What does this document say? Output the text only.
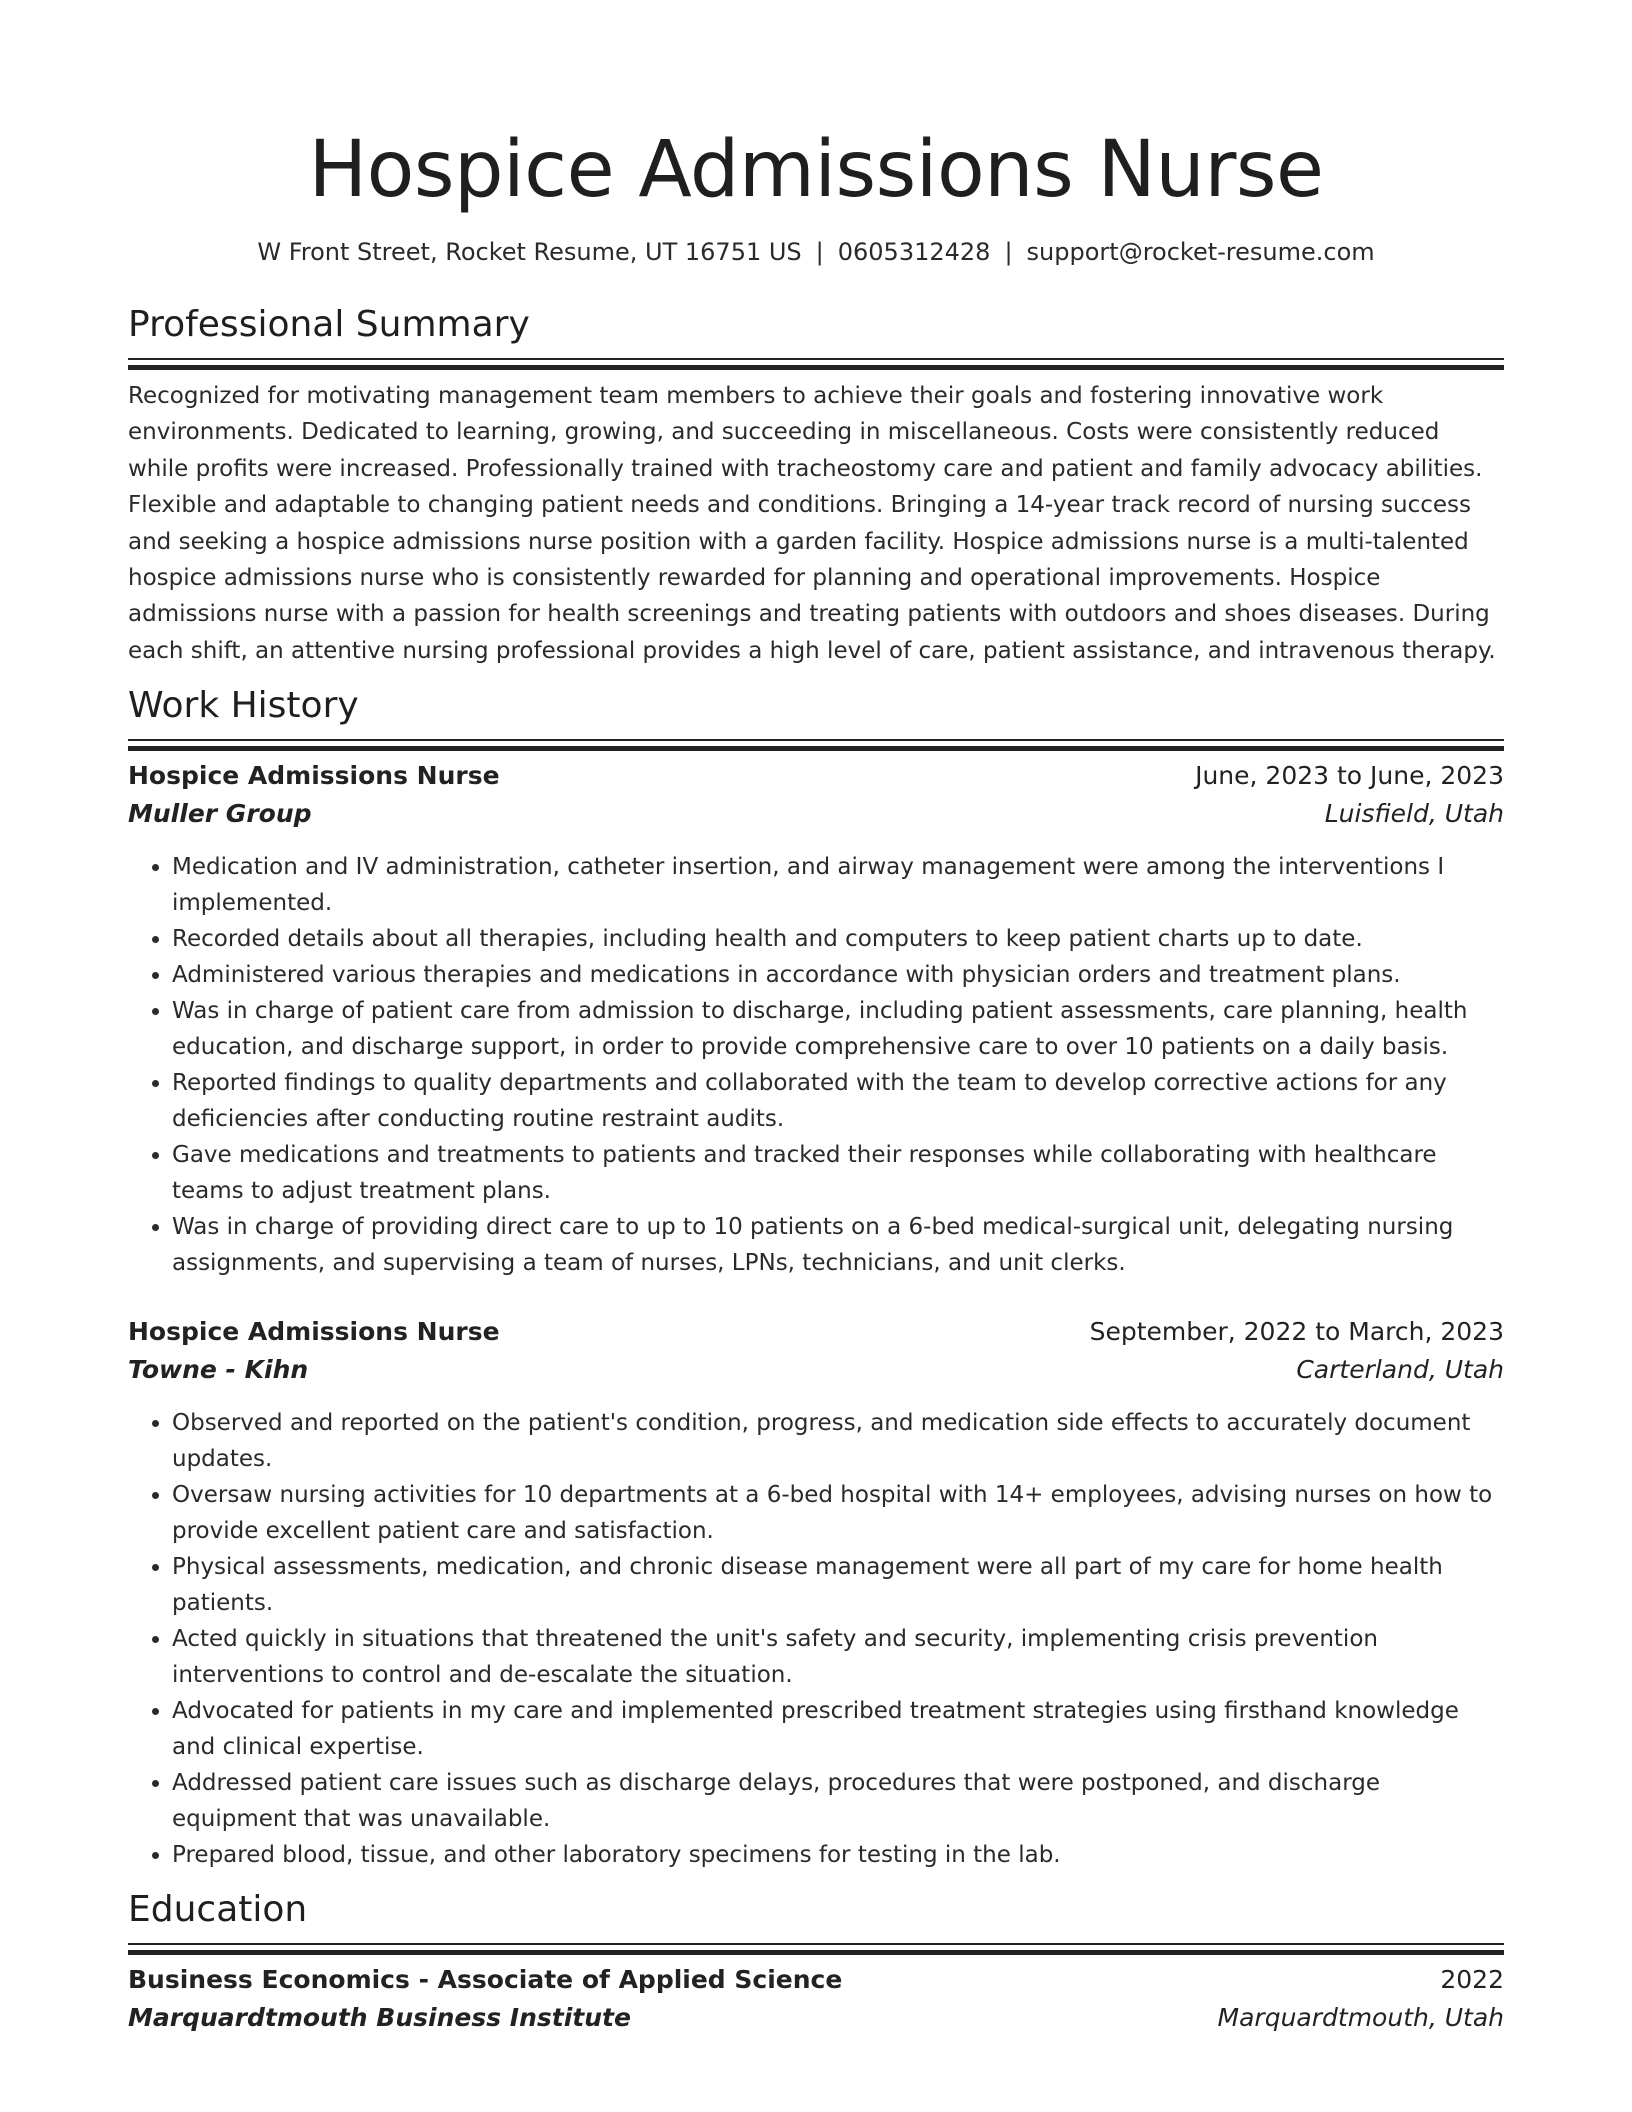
Hospice Admissions Nurse
W Front Street, Rocket Resume, UT 16751 US | 0605312428 | support@rocket-resume.com
Professional Summary

Recognized for motivating management team members to achieve their goals and fostering innovative work environments. Dedicated to learning, growing, and succeeding in miscellaneous. Costs were consistently reduced while profits were increased. Professionally trained with tracheostomy care and patient and family advocacy abilities. Flexible and adaptable to changing patient needs and conditions. Bringing a 14-year track record of nursing success and seeking a hospice admissions nurse position with a garden facility. Hospice admissions nurse is a multi-talented hospice admissions nurse who is consistently rewarded for planning and operational improvements. Hospice admissions nurse with a passion for health screenings and treating patients with outdoors and shoes diseases. During each shift, an attentive nursing professional provides a high level of care, patient assistance, and intravenous therapy.

Work History
Hospice Admissions Nurse	June, 2023 to June, 2023
Muller Group	Luisfield, Utah
• Medication and IV administration, catheter insertion, and airway management were among the interventions I implemented.
• Recorded details about all therapies, including health and computers to keep patient charts up to date.
• Administered various therapies and medications in accordance with physician orders and treatment plans.
• Was in charge of patient care from admission to discharge, including patient assessments, care planning, health education, and discharge support, in order to provide comprehensive care to over 10 patients on a daily basis.
• Reported findings to quality departments and collaborated with the team to develop corrective actions for any deficiencies after conducting routine restraint audits.
• Gave medications and treatments to patients and tracked their responses while collaborating with healthcare teams to adjust treatment plans.
• Was in charge of providing direct care to up to 10 patients on a 6-bed medical-surgical unit, delegating nursing assignments, and supervising a team of nurses, LPNs, technicians, and unit clerks.
Hospice Admissions Nurse	September, 2022 to March, 2023
Towne - Kihn	Carterland, Utah
• Observed and reported on the patient's condition, progress, and medication side effects to accurately document updates.
• Oversaw nursing activities for 10 departments at a 6-bed hospital with 14+ employees, advising nurses on how to provide excellent patient care and satisfaction.
• Physical assessments, medication, and chronic disease management were all part of my care for home health patients.
• Acted quickly in situations that threatened the unit's safety and security, implementing crisis prevention interventions to control and de-escalate the situation.
• Advocated for patients in my care and implemented prescribed treatment strategies using firsthand knowledge and clinical expertise.
• Addressed patient care issues such as discharge delays, procedures that were postponed, and discharge equipment that was unavailable.
• Prepared blood, tissue, and other laboratory specimens for testing in the lab.
Education
Business Economics - Associate of Applied Science	2022
Marquardtmouth Business Institute	Marquardtmouth, Utah
